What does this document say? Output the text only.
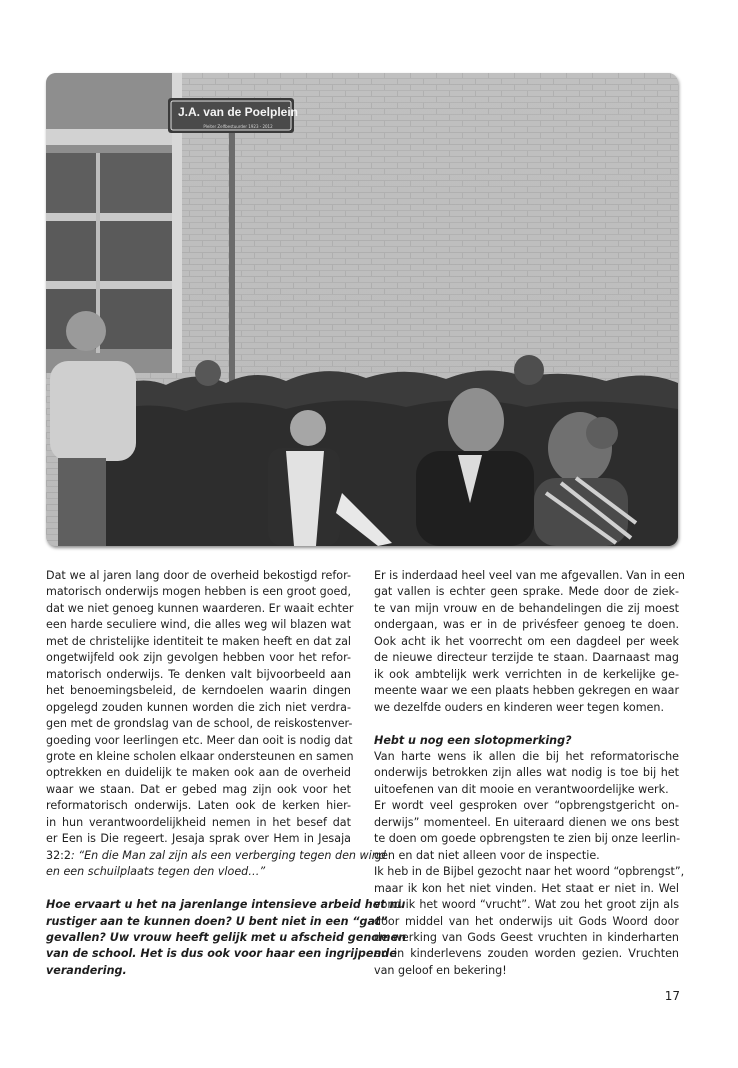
J.A. van de Poelplein
Pleiter Zelfbestuurder 1923 - 2012
Dat we al jaren lang door de overheid bekostigd refor-
matorisch onderwijs mogen hebben is een groot goed,
dat we niet genoeg kunnen waarderen. Er waait echter
een harde seculiere wind, die alles weg wil blazen wat
met de christelijke identiteit te maken heeft en dat zal
ongetwijfeld ook zijn gevolgen hebben voor het refor-
matorisch onderwijs. Te denken valt bijvoorbeeld aan
het benoemingsbeleid, de kerndoelen waarin dingen
opgelegd zouden kunnen worden die zich niet verdra-
gen met de grondslag van de school, de reiskostenver-
goeding voor leerlingen etc. Meer dan ooit is nodig dat
grote en kleine scholen elkaar ondersteunen en samen
optrekken en duidelijk te maken ook aan de overheid
waar we staan. Dat er gebed mag zijn ook voor het
reformatorisch onderwijs. Laten ook de kerken hier-
in hun verantwoordelijkheid nemen in het besef dat
er Een is Die regeert. Jesaja sprak over Hem in Jesaja
32:2: “En die Man zal zijn als een verberging tegen den wind
en een schuilplaats tegen den vloed…”
Hoe ervaart u het na jarenlange intensieve arbeid het nu
rustiger aan te kunnen doen? U bent niet in een “gat”
gevallen? Uw vrouw heeft gelijk met u afscheid genomen
van de school. Het is dus ook voor haar een ingrijpende
verandering.
Er is inderdaad heel veel van me afgevallen. Van in een
gat vallen is echter geen sprake. Mede door de ziek-
te van mijn vrouw en de behandelingen die zij moest
ondergaan, was er in de privésfeer genoeg te doen.
Ook acht ik het voorrecht om een dagdeel per week
de nieuwe directeur terzijde te staan. Daarnaast mag
ik ook ambtelijk werk verrichten in de kerkelijke ge-
meente waar we een plaats hebben gekregen en waar
we dezelfde ouders en kinderen weer tegen komen.
Hebt u nog een slotopmerking?
Van harte wens ik allen die bij het reformatorische
onderwijs betrokken zijn alles wat nodig is toe bij het
uitoefenen van dit mooie en verantwoordelijke werk.
Er wordt veel gesproken over “opbrengstgericht on-
derwijs” momenteel. En uiteraard dienen we ons best
te doen om goede opbrengsten te zien bij onze leerlin-
gen en dat niet alleen voor de inspectie.
Ik heb in de Bijbel gezocht naar het woord “opbrengst”,
maar ik kon het niet vinden. Het staat er niet in. Wel
vond ik het woord “vrucht”. Wat zou het groot zijn als
door middel van het onderwijs uit Gods Woord door
de werking van Gods Geest vruchten in kinderharten
en in kinderlevens zouden worden gezien. Vruchten
van geloof en bekering!
17
